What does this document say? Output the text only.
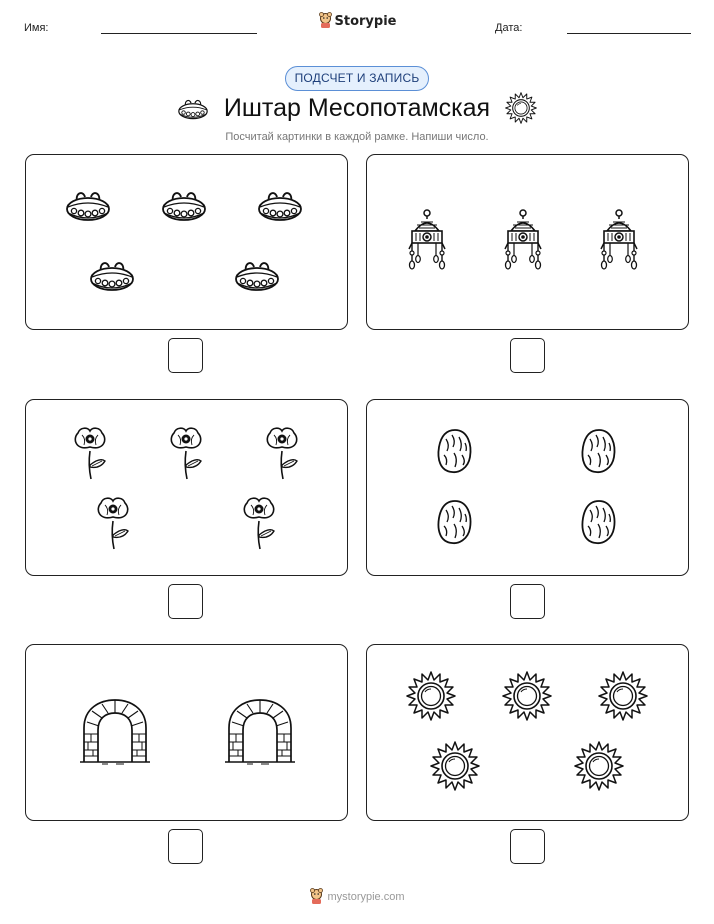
Имя:	Storypie	Дата:
ПОДСЧЕТ И ЗАПИСЬ
Иштар Месопотамская
Посчитай картинки в каждой рамке. Напиши число.
mystorypie.com
